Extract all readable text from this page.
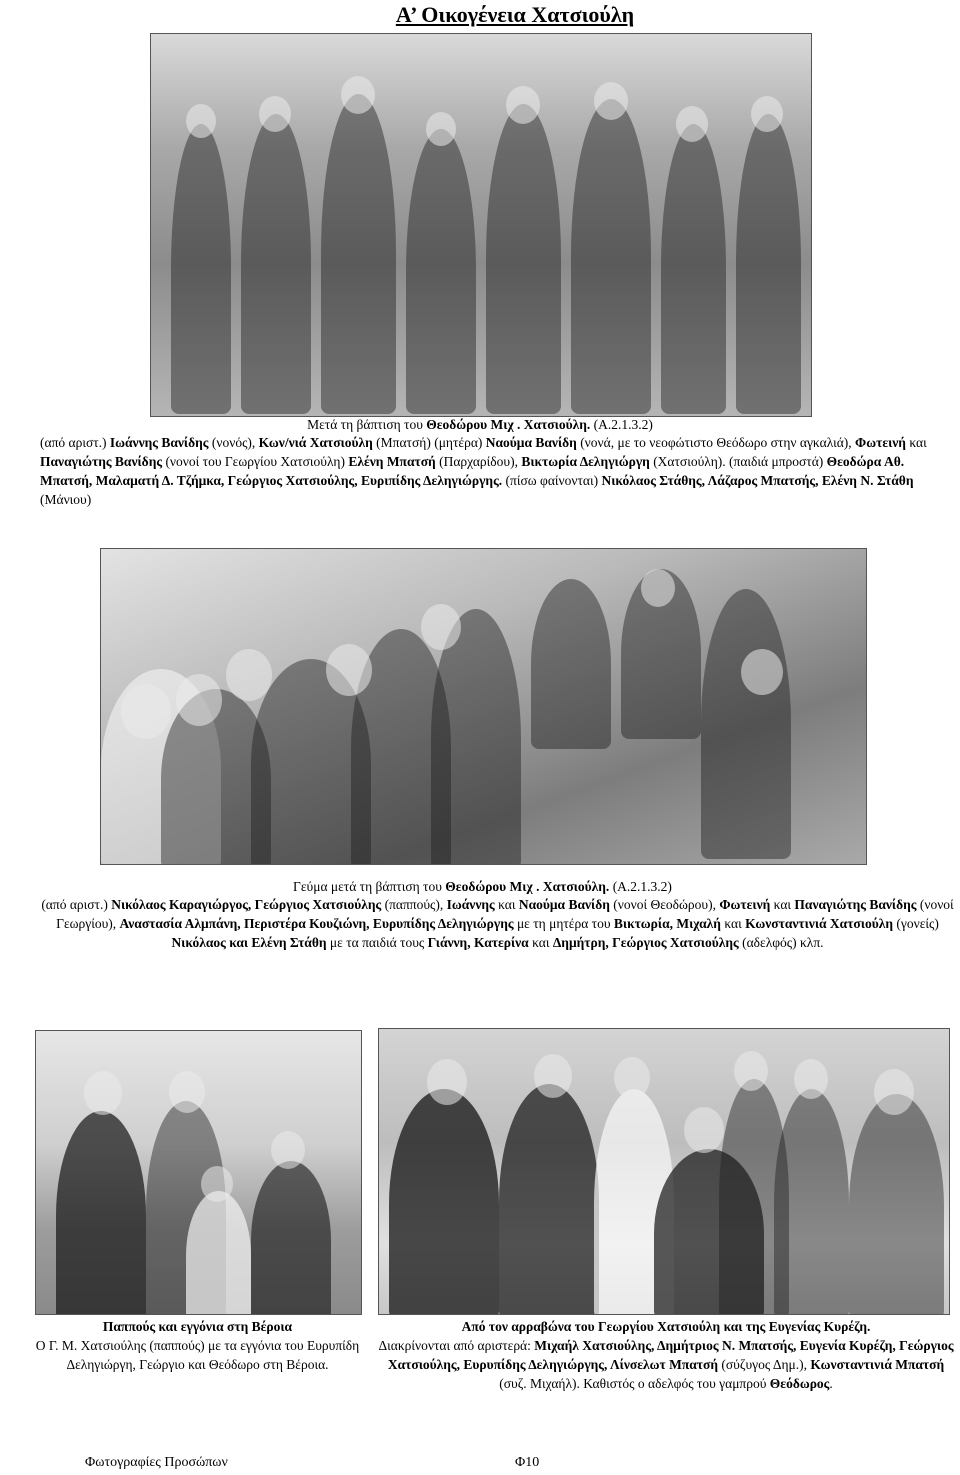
Α’ Οικογένεια Χατσιούλη
Μετά τη βάπτιση του Θεοδώρου Μιχ . Χατσιούλη. (Α.2.1.3.2)
(από αριστ.) Ιωάννης Βανίδης (νονός), Κων/νιά Χατσιούλη (Μπατσή) (μητέρα) Ναούμα Βανίδη (νονά, με το νεοφώτιστο Θεόδωρο στην αγκαλιά), Φωτεινή και Παναγιώτης Βανίδης (νονοί του Γεωργίου Χατσιούλη) Ελένη Μπατσή (Παρχαρίδου), Βικτωρία Δεληγιώργη (Χατσιούλη). (παιδιά μπροστά) Θεοδώρα Αθ. Μπατσή, Μαλαματή Δ. Τζήμκα, Γεώργιος Χατσιούλης, Ευριπίδης Δεληγιώργης. (πίσω φαίνονται) Νικόλαος Στάθης, Λάζαρος Μπατσής, Ελένη Ν. Στάθη (Μάνιου)
Γεύμα μετά τη βάπτιση του Θεοδώρου Μιχ . Χατσιούλη. (Α.2.1.3.2)
(από αριστ.) Νικόλαος Καραγιώργος, Γεώργιος Χατσιούλης (παππούς), Ιωάννης και Ναούμα Βανίδη (νονοί Θεοδώρου), Φωτεινή και Παναγιώτης Βανίδης (νονοί Γεωργίου), Αναστασία Αλμπάνη, Περιστέρα Κουζιώνη, Ευρυπίδης Δεληγιώργης με τη μητέρα του Βικτωρία, Μιχαλή και Κωνσταντινιά Χατσιούλη (γονείς) Νικόλαος και Ελένη Στάθη με τα παιδιά τους Γιάννη, Κατερίνα και Δημήτρη, Γεώργιος Χατσιούλης (αδελφός) κλπ.
Παππούς και εγγόνια στη Βέροια
Ο Γ. Μ. Χατσιούλης (παππούς) με τα εγγόνια του Ευρυπίδη Δεληγιώργη, Γεώργιο και Θεόδωρο στη Βέροια.
Από τον αρραβώνα του Γεωργίου Χατσιούλη και της Ευγενίας Κυρέζη.
Διακρίνονται από αριστερά: Μιχαήλ Χατσιούλης, Δημήτριος Ν. Μπατσής, Ευγενία Κυρέζη, Γεώργιος Χατσιούλης, Ευρυπίδης Δεληγιώργης, Λίνσελωτ Μπατσή (σύζυγος Δημ.), Κωνσταντινιά Μπατσή (συζ. Μιχαήλ). Καθιστός ο αδελφός του γαμπρού Θεόδωρος.
Φωτογραφίες Προσώπων	Φ10
